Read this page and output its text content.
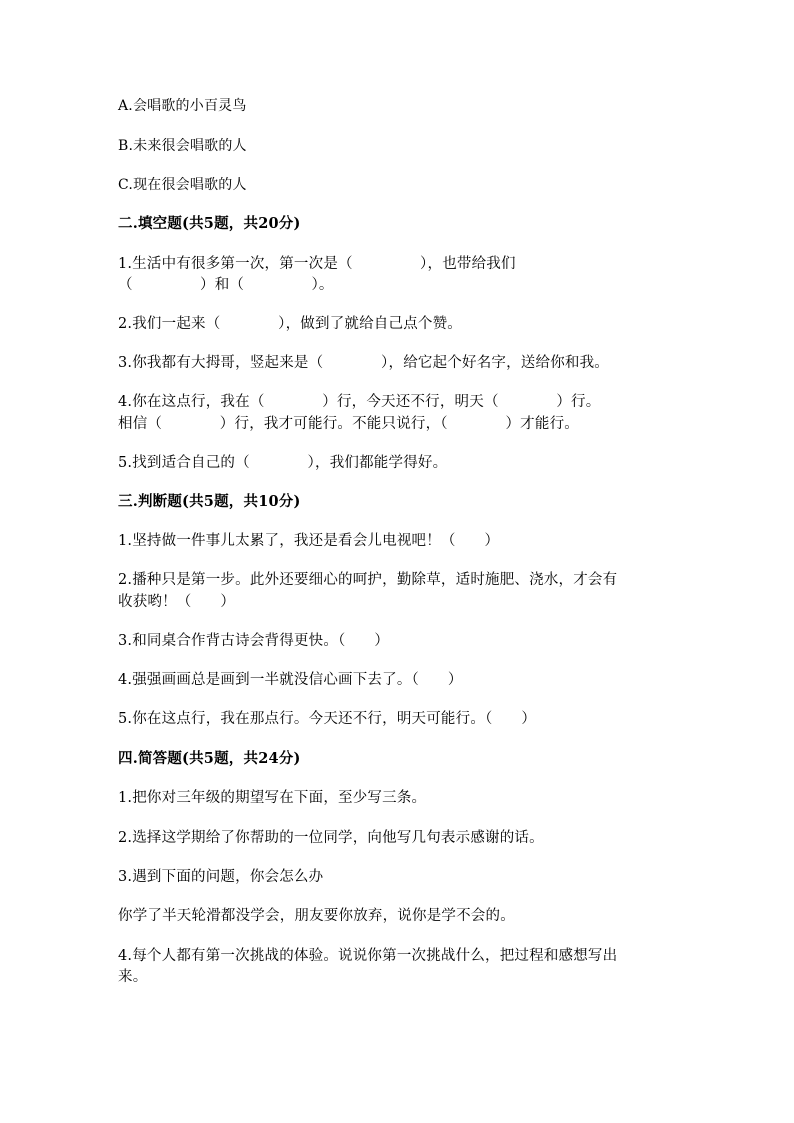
A.会唱歌的小百灵鸟
B.未来很会唱歌的人
C.现在很会唱歌的人
二.填空题(共5题，共20分)
1.生活中有很多第一次，第一次是（              ），也带给我们
（              ）和（              ）。
2.我们一起来（            ），做到了就给自己点个赞。
3.你我都有大拇哥，竖起来是（            ），给它起个好名字，送给你和我。
4.你在这点行，我在（            ）行，今天还不行，明天（            ）行。
相信（            ）行，我才可能行。不能只说行，（            ）才能行。
5.找到适合自己的（            ），我们都能学得好。
三.判断题(共5题，共10分)
1.坚持做一件事儿太累了，我还是看会儿电视吧！（      ）
2.播种只是第一步。此外还要细心的呵护，勤除草，适时施肥、浇水，才会有
收获哟！（      ）
3.和同桌合作背古诗会背得更快。（      ）
4.强强画画总是画到一半就没信心画下去了。（      ）
5.你在这点行，我在那点行。今天还不行，明天可能行。（      ）
四.简答题(共5题，共24分)
1.把你对三年级的期望写在下面，至少写三条。
2.选择这学期给了你帮助的一位同学，向他写几句表示感谢的话。
3.遇到下面的问题，你会怎么办
你学了半天轮滑都没学会，朋友要你放弃，说你是学不会的。
4.每个人都有第一次挑战的体验。说说你第一次挑战什么，把过程和感想写出
来。
